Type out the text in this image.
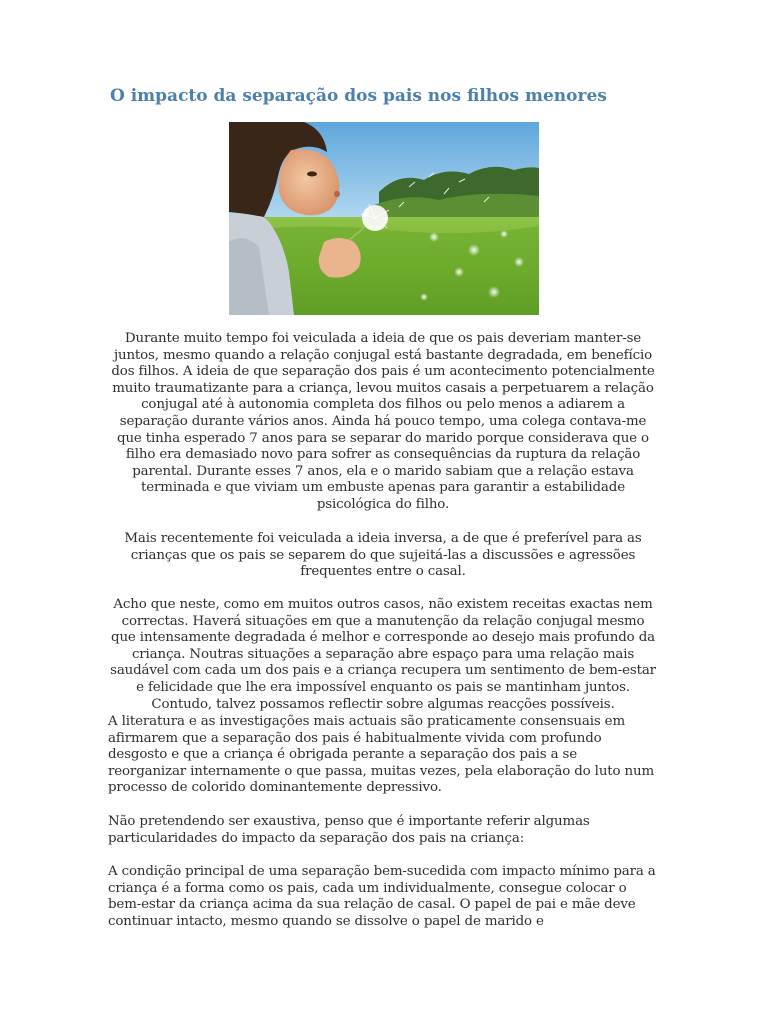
O impacto da separação dos pais nos filhos menores

Durante muito tempo foi veiculada a ideia de que os pais deveriam manter-se juntos, mesmo quando a relação conjugal está bastante degradada, em benefício dos filhos. A ideia de que separação dos pais é um acontecimento potencialmente muito traumatizante para a criança, levou muitos casais a perpetuarem a relação conjugal até à autonomia completa dos filhos ou pelo menos a adiarem a separação durante vários anos. Ainda há pouco tempo, uma colega contava-me que tinha esperado 7 anos para se separar do marido porque considerava que o filho era demasiado novo para sofrer as consequências da ruptura da relação parental. Durante esses 7 anos, ela e o marido sabiam que a relação estava terminada e que viviam um embuste apenas para garantir a estabilidade psicológica do filho.

Mais recentemente foi veiculada a ideia inversa, a de que é preferível para as crianças que os pais se separem do que sujeitá-las a discussões e agressões frequentes entre o casal.

Acho que neste, como em muitos outros casos, não existem receitas exactas nem correctas. Haverá situações em que a manutenção da relação conjugal mesmo que intensamente degradada é melhor e corresponde ao desejo mais profundo da criança. Noutras situações a separação abre espaço para uma relação mais saudável com cada um dos pais e a criança recupera um sentimento de bem-estar e felicidade que lhe era impossível enquanto os pais se mantinham juntos. Contudo, talvez possamos reflectir sobre algumas reacções possíveis.

A literatura e as investigações mais actuais são praticamente consensuais em afirmarem que a separação dos pais é habitualmente vivida com profundo desgosto e que a criança é obrigada perante a separação dos pais a se reorganizar internamente o que passa, muitas vezes, pela elaboração do luto num processo de colorido dominantemente depressivo.

Não pretendendo ser exaustiva, penso que é importante referir algumas particularidades do impacto da separação dos pais na criança:

A condição principal de uma separação bem-sucedida com impacto mínimo para a criança é a forma como os pais, cada um individualmente, consegue colocar o bem-estar da criança acima da sua relação de casal. O papel de pai e mãe deve continuar intacto, mesmo quando se dissolve o papel de marido e
